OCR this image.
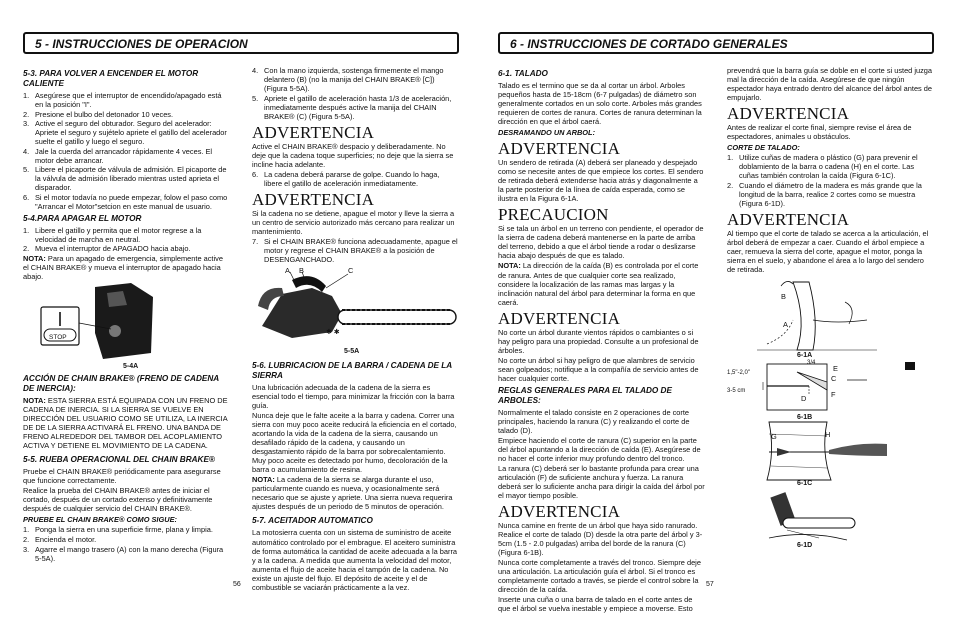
5 - INSTRUCCIONES DE OPERACION
5-3. PARA VOLVER A ENCENDER EL MOTOR CALIENTE
1. Asegúrese que el interruptor de encendido/apagado está en la posición "I".
2. Presione el bulbo del detonador 10 veces.
3. Active el seguro del obturador. Seguro del acelerador: Apriete el seguro y sujételo apriete el gatillo del acelerador suelte el gatillo y luego el seguro.
4. Jale la cuerda del arrancador rápidamente 4 veces. El motor debe arrancar.
5. Libere el picaporte de válvula de admisión. El picaporte de la válvula de admisión liberado mientras usted aprieta el disparador.
6. Si el motor todavía no puede empezar, folow el paso como "Arrancar el Motor"setcion en este manual de usuario.
5-4.PARA APAGAR EL MOTOR
1. Libere el gatillo y permita que el motor regrese a la velocidad de marcha en neutral.
2. Mueva el interruptor de APAGADO hacia abajo.

NOTA: Para un apagado de emergencia, simplemente active el CHAIN BRAKE® y mueva el interruptor de apagado hacia abajo.

STOP
5-4A
ACCIÓN DE CHAIN BRAKE® (FRENO DE CADENA DE INERCIA):

NOTA: ESTA SIERRA ESTÁ EQUIPADA CON UN FRENO DE CADENA DE INERCIA. SI LA SIERRA SE VUELVE EN DIRECCIÓN DEL USUARIO COMO SE UTILIZA, LA INERCIA DE DE LA SIERRA ACTIVARÁ EL FRENO. UNA BANDA DE FRENO ALREDEDOR DEL TAMBOR DEL ACOPLAMIENTO ACTIVA Y DETIENE EL MOVIMIENTO DE LA CADENA.

5-5. RUEBA OPERACIONAL DEL CHAIN BRAKE®

Pruebe el CHAIN BRAKE® periódicamente para asegurarse que funcione correctamente.

Realice la prueba del CHAIN BRAKE® antes de iniciar el cortado, después de un cortado extenso y definitivamente después de cualquier servicio del CHAIN BRAKE®.

PRUEBE EL CHAIN BRAKE® COMO SIGUE:
1. Ponga la sierra en una superficie firme, plana y limpia.
2. Encienda el motor.
3. Agarre el mango trasero (A) con la mano derecha (Figura 5-5A).
4. Con la mano izquierda, sostenga firmemente el mango delantero (B) (no la manija del CHAIN BRAKE® [C]) (Figura 5-5A).
5. Apriete el gatillo de aceleración hasta 1/3 de aceleración, inmediatamente después active la manija del CHAIN BRAKE® (C) (Figura 5-5A).
ADVERTENCIA

Active el CHAIN BRAKE® despacio y deliberadamente. No deje que la cadena toque superficies; no deje que la sierra se incline hacia adelante.

6. La cadena deberá pararse de golpe. Cuando lo haga, libere el gatillo de aceleración inmediatamente.
ADVERTENCIA

Si la cadena no se detiene, apague el motor y lleve la sierra a un centro de servicio autorizado más cercano para realizar un mantenimiento.

7. Si el CHAIN BRAKE® funciona adecuadamente, apague el motor y regrese el CHAIN BRAKE® a la posición de DESENGANCHADO.
A B	C
✱ ✱
5-5A
5-6. LUBRICACION DE LA BARRA / CADENA DE LA SIERRA

Una lubricación adecuada de la cadena de la sierra es esencial todo el tiempo, para minimizar la fricción con la barra guía.

Nunca deje que le falte aceite a la barra y cadena. Correr una sierra con muy poco aceite reducirá la eficiencia en el cortado, acortando la vida de la cadena de la sierra, causando un desafilado rápido de la cadena, y causando un desgastamiento rápido de la barra por sobrecalentamiento. Muy poco aceite es detectado por humo, decoloración de la barra o acumulamiento de resina.

NOTA: La cadena de la sierra se alarga durante el uso, particularmente cuando es nueva, y ocasionalmente será necesario que se ajuste y apriete. Una sierra nueva requerira ajustes después de un periodo de 5 minutos de operación.

5-7. ACEITADOR AUTOMATICO

La motosierra cuenta con un sistema de suministro de aceite automático controlado por el embrague. El aceitero suministra de forma automática la cantidad de aceite adecuada a la barra y a la cadena. A medida que aumenta la velocidad del motor, aumenta el flujo de aceite hacia el tampón de la cadena. No existe un ajuste del flujo. El depósito de aceite y el de combustible se vaciarán prácticamente a la vez.

56
6 - INSTRUCCIONES DE CORTADO GENERALES
6-1. TALADO

Talado es el termino que se da al cortar un árbol. Arboles pequeños hasta de 15-18cm (6-7 pulgadas) de diámetro son generalmente cortados en un solo corte. Arboles más grandes requieren de cortes de ranura. Cortes de ranura determinan la dirección en que el árbol caerá.

DESRAMANDO UN ARBOL:
ADVERTENCIA

Un sendero de retirada (A) deberá ser planeado y despejado como se necesite antes de que empiece los cortes. El sendero de retirada deberá extenderse hacia atrás y diagonalmente a la parte posterior de la línea de caída esperada, como se ilustra en la Figura 6-1A.

PRECAUCION

Si se tala un árbol en un terreno con pendiente, el operador de la sierra de cadena deberá mantenerse en la parte de arriba del terreno, debido a que el árbol tiende a rodar o deslizarse hacia abajo después de que es talado.

NOTA: La dirección de la caída (B) es controlada por el corte de ranura. Antes de que cualquier corte sea realizado, considere la localización de las ramas mas largas y la inclinación natural del árbol para determinar la forma en que caerá.

ADVERTENCIA

No corte un árbol durante vientos rápidos o cambiantes o si hay peligro para una propiedad. Consulte a un profesional de árboles.

No corte un árbol si hay peligro de que alambres de servicio sean golpeados; notifique a la compañía de servicio antes de hacer cualquier corte.

REGLAS GENERALES PARA EL TALADO DE ARBOLES:

Normalmente el talado consiste en 2 operaciones de corte principales, haciendo la ranura (C) y realizando el corte de talado (D).

Empiece haciendo el corte de ranura (C) superior en la parte del árbol apuntando a la dirección de caída (E). Asegúrese de no hacer el corte inferior muy profundo dentro del tronco.

La ranura (C) deberá ser lo bastante profunda para crear una articulación (F) de suficiente anchura y fuerza. La ranura deberá ser lo suficiente ancha para dirigir la caída del árbol por el mayor tiempo posible.

ADVERTENCIA

Nunca camine en frente de un árbol que haya sido ranurado. Realice el corte de talado (D) desde la otra parte del árbol y 3-5cm (1.5 - 2.0 pulgadas) arriba del borde de la ranura (C) (Figura 6-1B).

Nunca corte completamente a través del tronco. Siempre deje una articulación. La articulación guía el árbol. Si el tronco es completamente cortado a través, se pierde el control sobre la dirección de la caída.

Inserte una cuña o una barra de talado en el corte antes de que el árbol se vuelva inestable y empiece a moverse. Esto

prevendrá que la barra guía se doble en el corte si usted juzga mal la dirección de la caída. Asegúrese de que ningún espectador haya entrado dentro del alcance del árbol antes de empujarlo.

ADVERTENCIA

Antes de realizar el corte final, siempre revise el área de espectadores, animales u obstáculos.

CORTE DE TALADO:
1. Utilize cuñas de madera o plástico (G) para prevenir el doblamiento de la barra o cadena (H) en el corte. Las cuñas también controlan la caída (Figura 6-1C).
2. Cuando el diámetro de la madera es más grande que la longitud de la barra, realice 2 cortes como se muestra (Figura 6-1D).
ADVERTENCIA

Al tiempo que el corte de talado se acerca a la articulación, el árbol deberá de empezar a caer. Cuando el árbol empiece a caer, remueva la sierra del corte, apague el motor, ponga la sierra en el suelo, y abandone el área a lo largo del sendero de retirada.

B
A
6-1A
3/4
E
1,5"-2,0"
C
3-5 cm	F
D
6-1B
G	H
6-1C
6-1D
57
